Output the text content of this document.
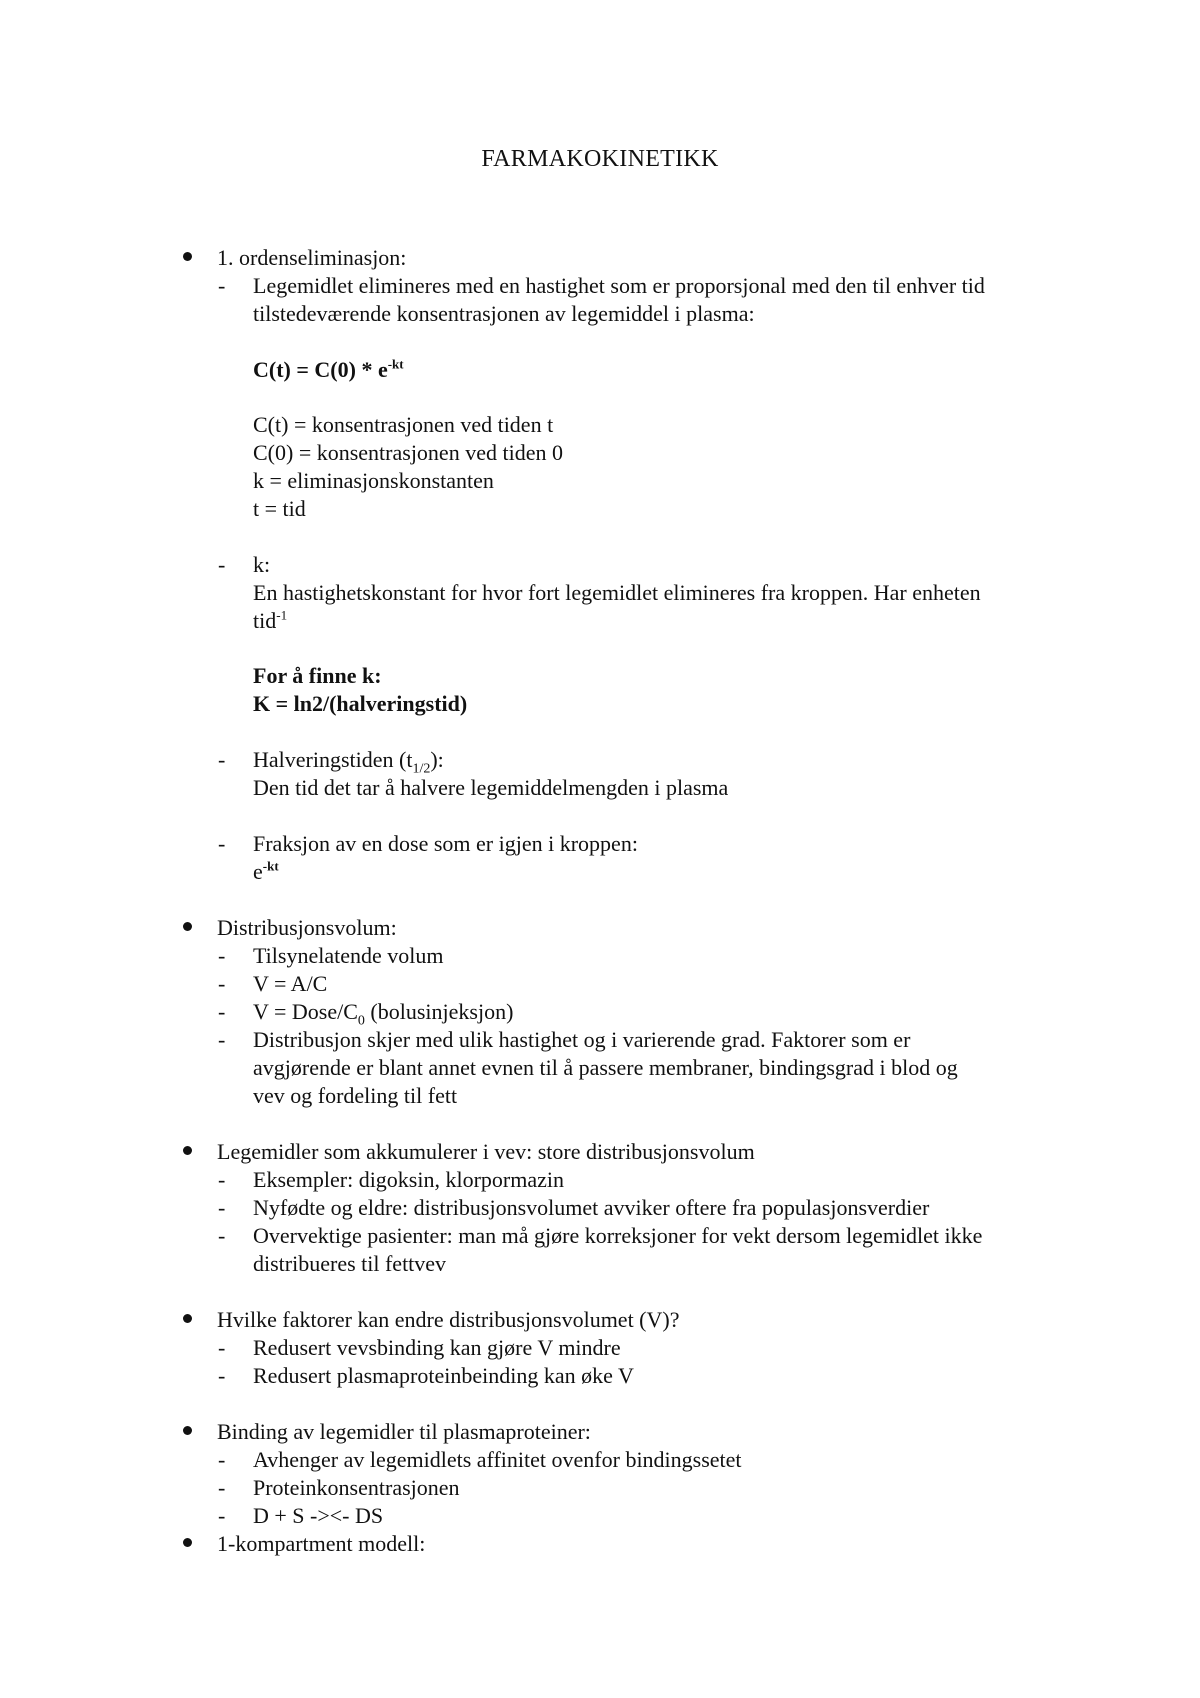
FARMAKOKINETIKK
1. ordenseliminasjon:
- Legemidlet elimineres med en hastighet som er proporsjonal med den til enhver tid
tilstedeværende konsentrasjonen av legemiddel i plasma:
$C(t) = C(0) * e^{-kt}$
C(t) = konsentrasjonen ved tiden t
C(0) = konsentrasjonen ved tiden 0
k = eliminasjonskonstanten
t = tid
- k:
En hastighetskonstant for hvor fort legemidlet elimineres fra kroppen. Har enheten
tid$^{-1}$
For å finne k:
K = ln2/(halveringstid)
- Halveringstiden $(t_{1/2})$:
Den tid det tar å halvere legemiddelmengden i plasma
- Fraksjon av en dose som er igjen i kroppen:
$e^{-kt}$
Distribusjonsvolum:
- Tilsynelatende volum
- V = A/C
- V = Dose/$C_0$ (bolusinjeksjon)
- Distribusjon skjer med ulik hastighet og i varierende grad. Faktorer som er
avgjørende er blant annet evnen til å passere membraner, bindingsgrad i blod og
vev og fordeling til fett
Legemidler som akkumulerer i vev: store distribusjonsvolum
- Eksempler: digoksin, klorpormazin
- Nyfødte og eldre: distribusjonsvolumet avviker oftere fra populasjonsverdier
- Overvektige pasienter: man må gjøre korreksjoner for vekt dersom legemidlet ikke
distribueres til fettvev
Hvilke faktorer kan endre distribusjonsvolumet (V)?
- Redusert vevsbinding kan gjøre V mindre
- Redusert plasmaproteinbeinding kan øke V
Binding av legemidler til plasmaproteiner:
- Avhenger av legemidlets affinitet ovenfor bindingssetet
- Proteinkonsentrasjonen
- D + S -><- DS
1-kompartment modell:
